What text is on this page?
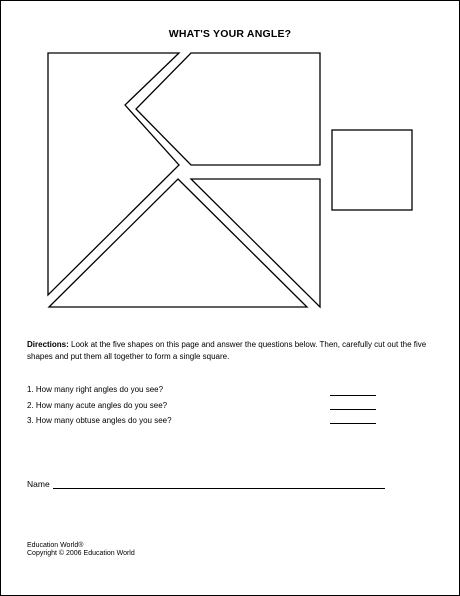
WHAT'S YOUR ANGLE?
Directions: Look at the five shapes on this page and answer the questions below. Then, carefully cut out the five shapes and put them all together to form a single square.
1. How many right angles do you see?
2. How many acute angles do you see?
3. How many obtuse angles do you see?
Name
Education World®
Copyright © 2006 Education World
